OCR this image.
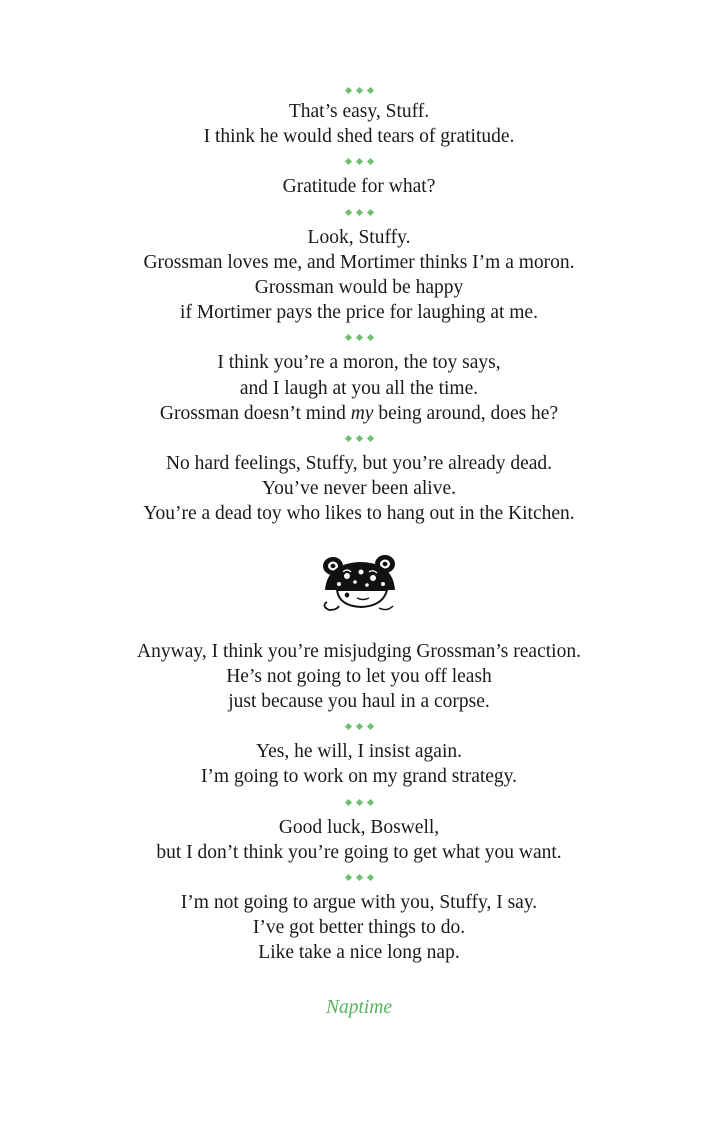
That’s easy, Stuff.

I think he would shed tears of gratitude.

Gratitude for what?

Look, Stuffy.

Grossman loves me, and Mortimer thinks I’m a moron.

Grossman would be happy

if Mortimer pays the price for laughing at me.

I think you’re a moron, the toy says,

and I laugh at you all the time.

Grossman doesn’t mind my being around, does he?

No hard feelings, Stuffy, but you’re already dead.

You’ve never been alive.

You’re a dead toy who likes to hang out in the Kitchen.

Anyway, I think you’re misjudging Grossman’s reaction.

He’s not going to let you off leash

just because you haul in a corpse.

Yes, he will, I insist again.

I’m going to work on my grand strategy.

Good luck, Boswell,

but I don’t think you’re going to get what you want.

I’m not going to argue with you, Stuffy, I say.

I’ve got better things to do.

Like take a nice long nap.

Naptime
